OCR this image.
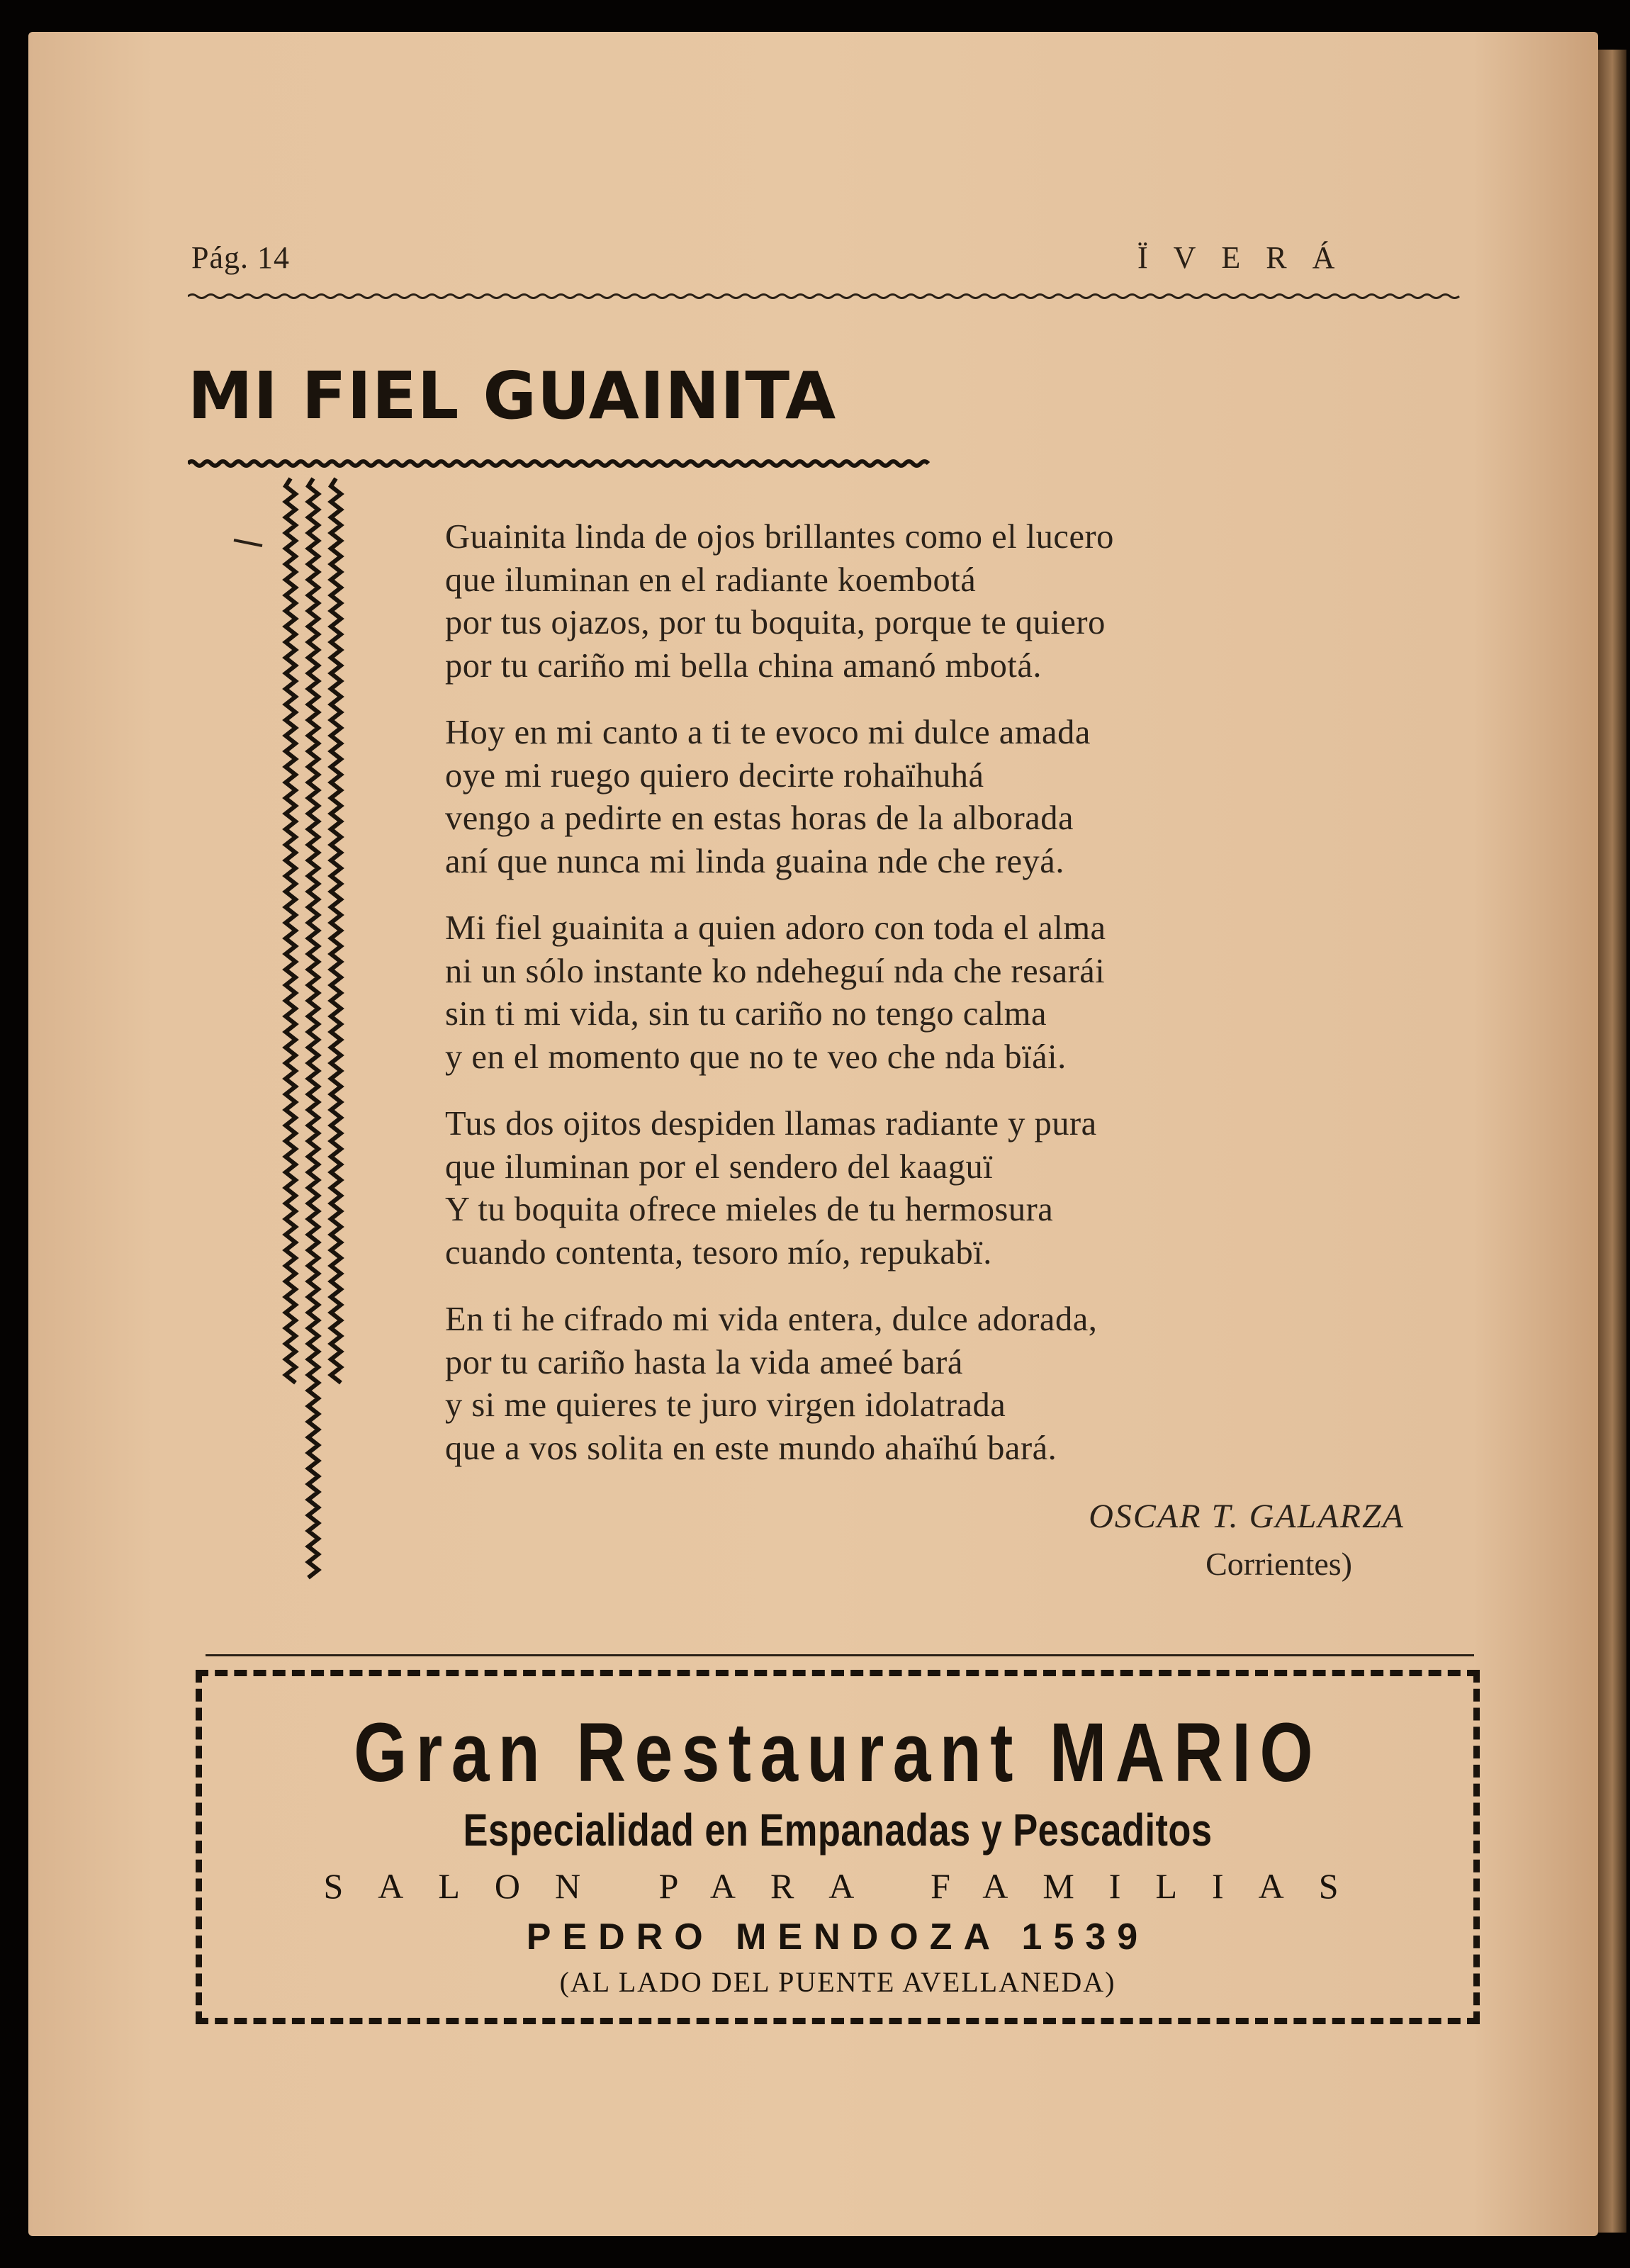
Pág. 14	ÏVERÁ
MI FIEL GUAINITA

Guainita linda de ojos brillantes como el lucero
que iluminan en el radiante koembotá
por tus ojazos, por tu boquita, porque te quiero
por tu cariño mi bella china amanó mbotá.

Hoy en mi canto a ti te evoco mi dulce amada
oye mi ruego quiero decirte rohaïhuhá
vengo a pedirte en estas horas de la alborada
aní que nunca mi linda guaina nde che reyá.

Mi fiel guainita a quien adoro con toda el alma
ni un sólo instante ko ndeheguí nda che resarái
sin ti mi vida, sin tu cariño no tengo calma
y en el momento que no te veo che nda bïái.

Tus dos ojitos despiden llamas radiante y pura
que iluminan por el sendero del kaaguï
Y tu boquita ofrece mieles de tu hermosura
cuando contenta, tesoro mío, repukabï.

En ti he cifrado mi vida entera, dulce adorada,
por tu cariño hasta la vida ameé bará
y si me quieres te juro virgen idolatrada
que a vos solita en este mundo ahaïhú bará.

OSCAR T. GALARZA
Corrientes)
Gran Restaurant MARIO
Especialidad en Empanadas y Pescaditos
SALON PARA FAMILIAS
PEDRO MENDOZA 1539
(AL LADO DEL PUENTE AVELLANEDA)
